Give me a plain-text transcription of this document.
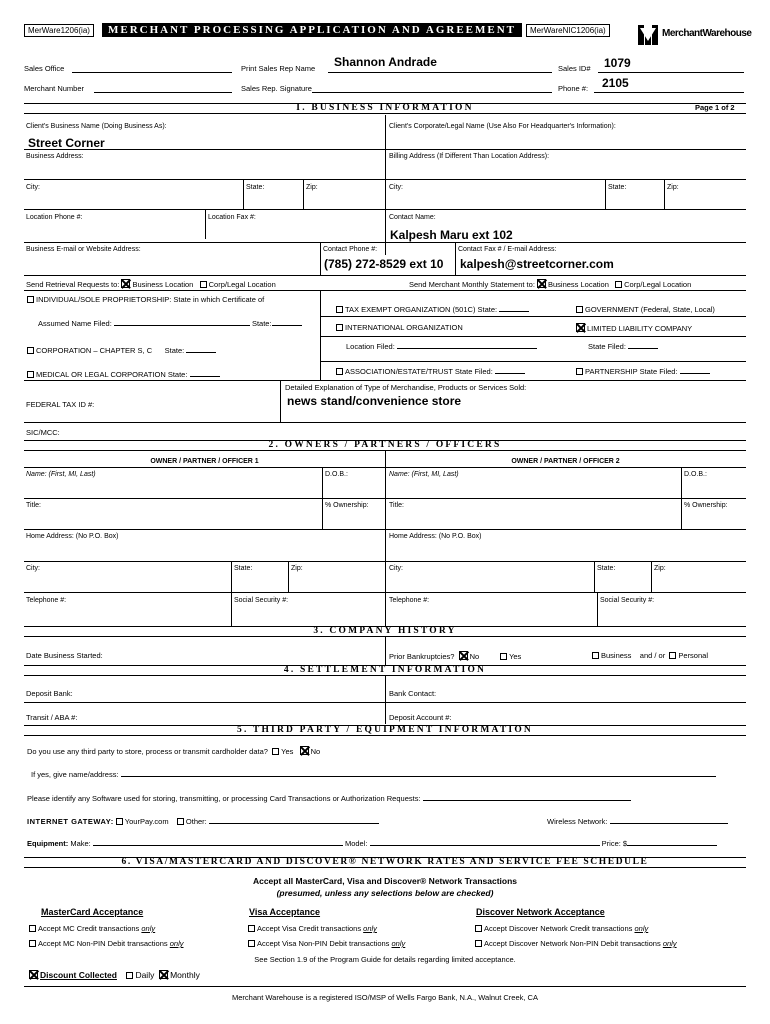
MerWare1206(ia)	MERCHANT PROCESSING APPLICATION AND AGREEMENT	MerWareNIC1206(ia)	MerchantWarehouse
Sales Office	Print Sales Rep Name Shannon Andrade	Sales ID# 1079
Merchant Number	Sales Rep. Signature	Phone #: 2105
I. BUSINESS INFORMATION	Page 1 of 2
Client's Business Name (Doing Business As):
Street Corner
Client's Corporate/Legal Name (Use Also For Headquarter's Information):
Business Address:	Billing Address (If Different Than Location Address):
City:	State:	Zip:	City:	State:	Zip:
Location Phone #:	Location Fax #:	Contact Name:
Kalpesh Maru ext 102
Business E-mail or Website Address:	Contact Phone #:
(785) 272-8529 ext 10
Contact Fax # / E-mail Address:
kalpesh@streetcorner.com
Send Retrieval Requests to: Business Location Corp/Legal Location	Send Merchant Monthly Statement to: Business Location Corp/Legal Location
INDIVIDUAL/SOLE PROPRIETORSHIP: State in which Certificate of
Assumed Name Filed:	State:
CORPORATION – CHAPTER S, C State:
MEDICAL OR LEGAL CORPORATION State:
TAX EXEMPT ORGANIZATION (501C) State:
INTERNATIONAL ORGANIZATION
Location Filed:
ASSOCIATION/ESTATE/TRUST State Filed:
GOVERNMENT (Federal, State, Local)
LIMITED LIABILITY COMPANY
State Filed:
PARTNERSHIP State Filed:
Detailed Explanation of Type of Merchandise, Products or Services Sold:
news stand/convenience store
FEDERAL TAX ID #:
SIC/MCC:
2. OWNERS / PARTNERS / OFFICERS
OWNER / PARTNER / OFFICER 1	OWNER / PARTNER / OFFICER 2
Name: (First, MI, Last)	D.O.B.:	Name: (First, MI, Last)	D.O.B.:
Title:	% Ownership:	Title:	% Ownership:
Home Address: (No P.O. Box)	Home Address: (No P.O. Box)
City:	State:	Zip:	City:	State:	Zip:
Telephone #:	Social Security #:	Telephone #:	Social Security #:
3. COMPANY HISTORY
Date Business Started:	Prior Bankruptcies? No	Yes	Business and / or Personal
4. SETTLEMENT INFORMATION
Deposit Bank:	Bank Contact:
Transit / ABA #:	Deposit Account #:
5. THIRD PARTY / EQUIPMENT INFORMATION
Do you use any third party to store, process or transmit cardholder data? Yes No
If yes, give name/address:
Please identify any Software used for storing, transmitting, or processing Card Transactions or Authorization Requests:
INTERNET GATEWAY: YourPay.com Other:	Wireless Network:
Equipment: Make:	Model:	Price: $
6. VISA/MASTERCARD AND DISCOVER® NETWORK RATES AND SERVICE FEE SCHEDULE
Accept all MasterCard, Visa and Discover® Network Transactions
(presumed, unless any selections below are checked)
MasterCard Acceptance	Visa Acceptance	Discover Network Acceptance
Accept MC Credit transactions only
Accept MC Non-PIN Debit transactions only
Accept Visa Credit transactions only
Accept Visa Non-PIN Debit transactions only
Accept Discover Network Credit transactions only
Accept Discover Network Non-PIN Debit transactions only
See Section 1.9 of the Program Guide for details regarding limited acceptance.
Discount Collected Daily Monthly
Merchant Warehouse is a registered ISO/MSP of Wells Fargo Bank, N.A., Walnut Creek, CA
